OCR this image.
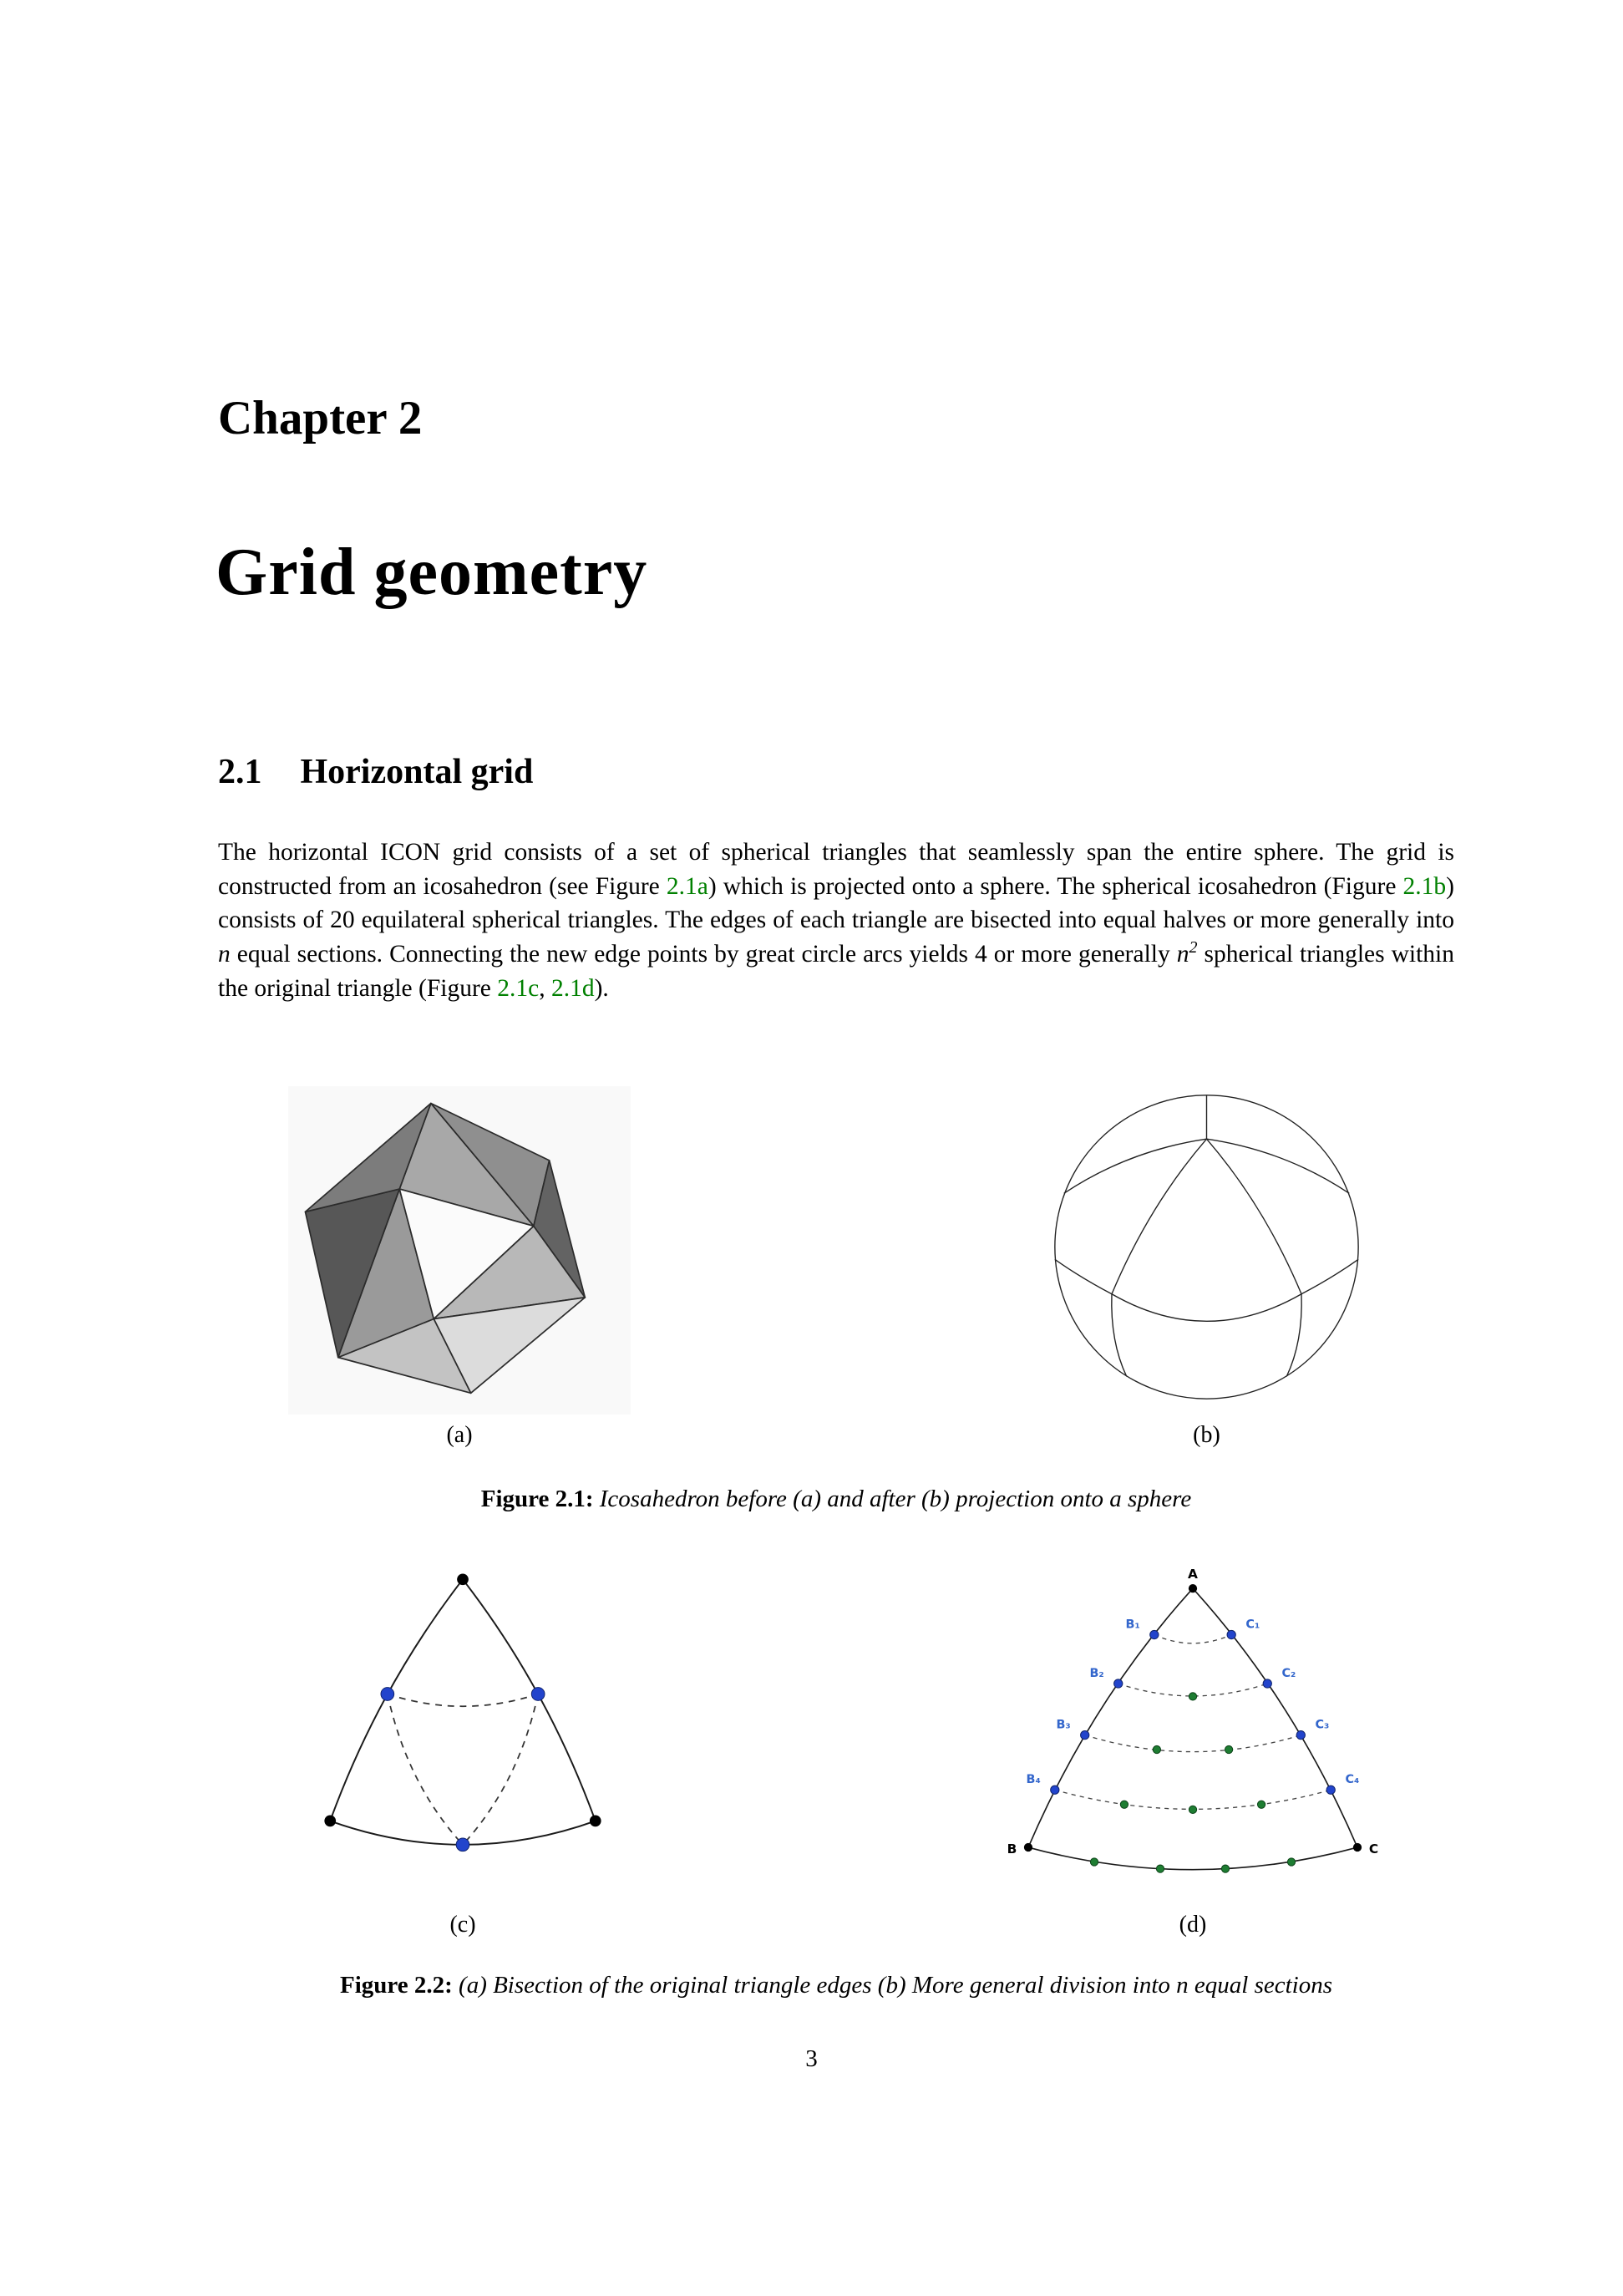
Chapter 2
Grid geometry
2.1 Horizontal grid

The horizontal ICON grid consists of a set of spherical triangles that seamlessly span the entire sphere. The grid is constructed from an icosahedron (see Figure 2.1a) which is projected onto a sphere. The spherical icosahedron (Figure 2.1b) consists of 20 equilateral spherical triangles. The edges of each triangle are bisected into equal halves or more generally into n equal sections. Connecting the new edge points by great circle arcs yields 4 or more generally $n^2$ spherical triangles within the original triangle (Figure 2.1c, 2.1d).

(a)	(b)

Figure 2.1: Icosahedron before (a) and after (b) projection onto a sphere

A
B	C
B₁
B₂
B₃
B₄
C₁
C₂
C₃
C₄
(c)	(d)

Figure 2.2: (a) Bisection of the original triangle edges (b) More general division into n equal sections

3
